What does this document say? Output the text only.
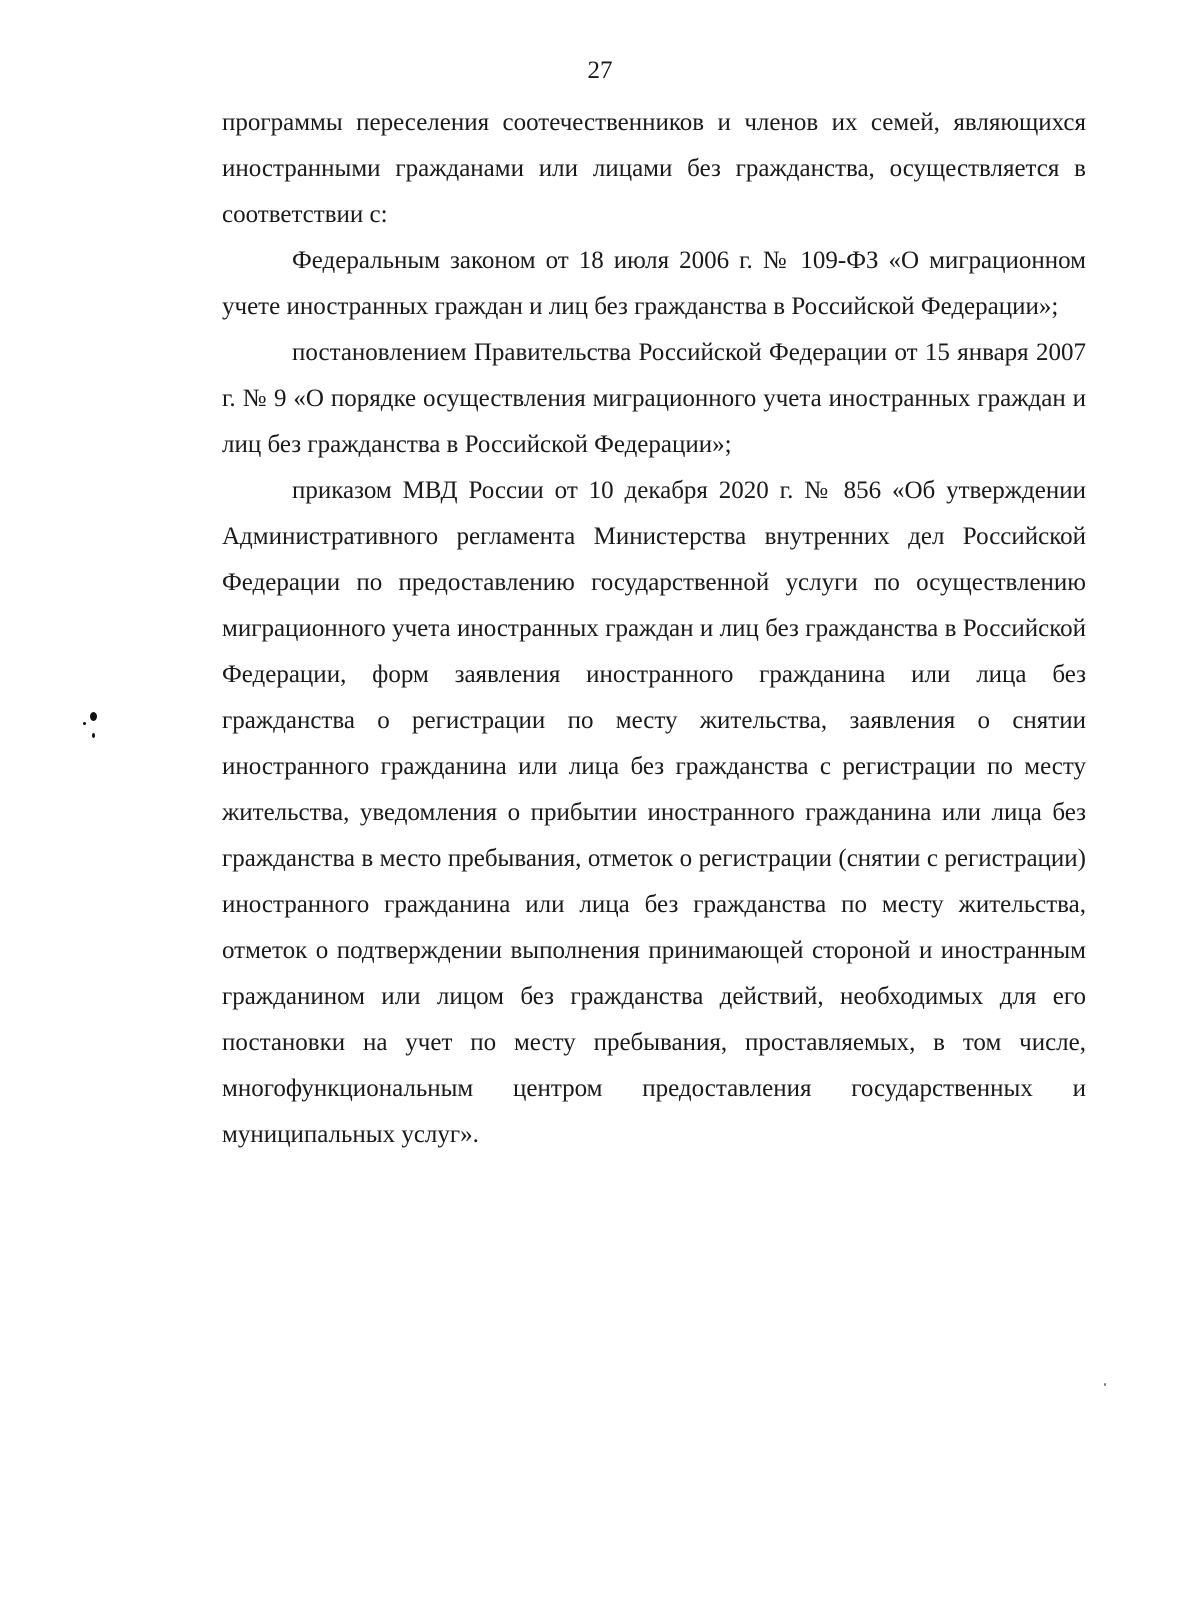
27

программы переселения соотечественников и членов их семей, являющихся иностранными гражданами или лицами без гражданства, осуществляется в соответствии с:

Федеральным законом от 18 июля 2006 г. № 109-ФЗ «О миграционном учете иностранных граждан и лиц без гражданства в Российской Федерации»;

постановлением Правительства Российской Федерации от 15 января 2007 г. № 9 «О порядке осуществления миграционного учета иностранных граждан и лиц без гражданства в Российской Федерации»;

приказом МВД России от 10 декабря 2020 г. № 856 «Об утверждении Административного регламента Министерства внутренних дел Российской Федерации по предоставлению государственной услуги по осуществлению миграционного учета иностранных граждан и лиц без гражданства в Российской Федерации, форм заявления иностранного гражданина или лица без гражданства о регистрации по месту жительства, заявления о снятии иностранного гражданина или лица без гражданства с регистрации по месту жительства, уведомления о прибытии иностранного гражданина или лица без гражданства в место пребывания, отметок о регистрации (снятии с регистрации) иностранного гражданина или лица без гражданства по месту жительства, отметок о подтверждении выполнения принимающей стороной и иностранным гражданином или лицом без гражданства действий, необходимых для его постановки на учет по месту пребывания, проставляемых, в том числе, многофункциональным центром предоставления государственных и муниципальных услуг».
